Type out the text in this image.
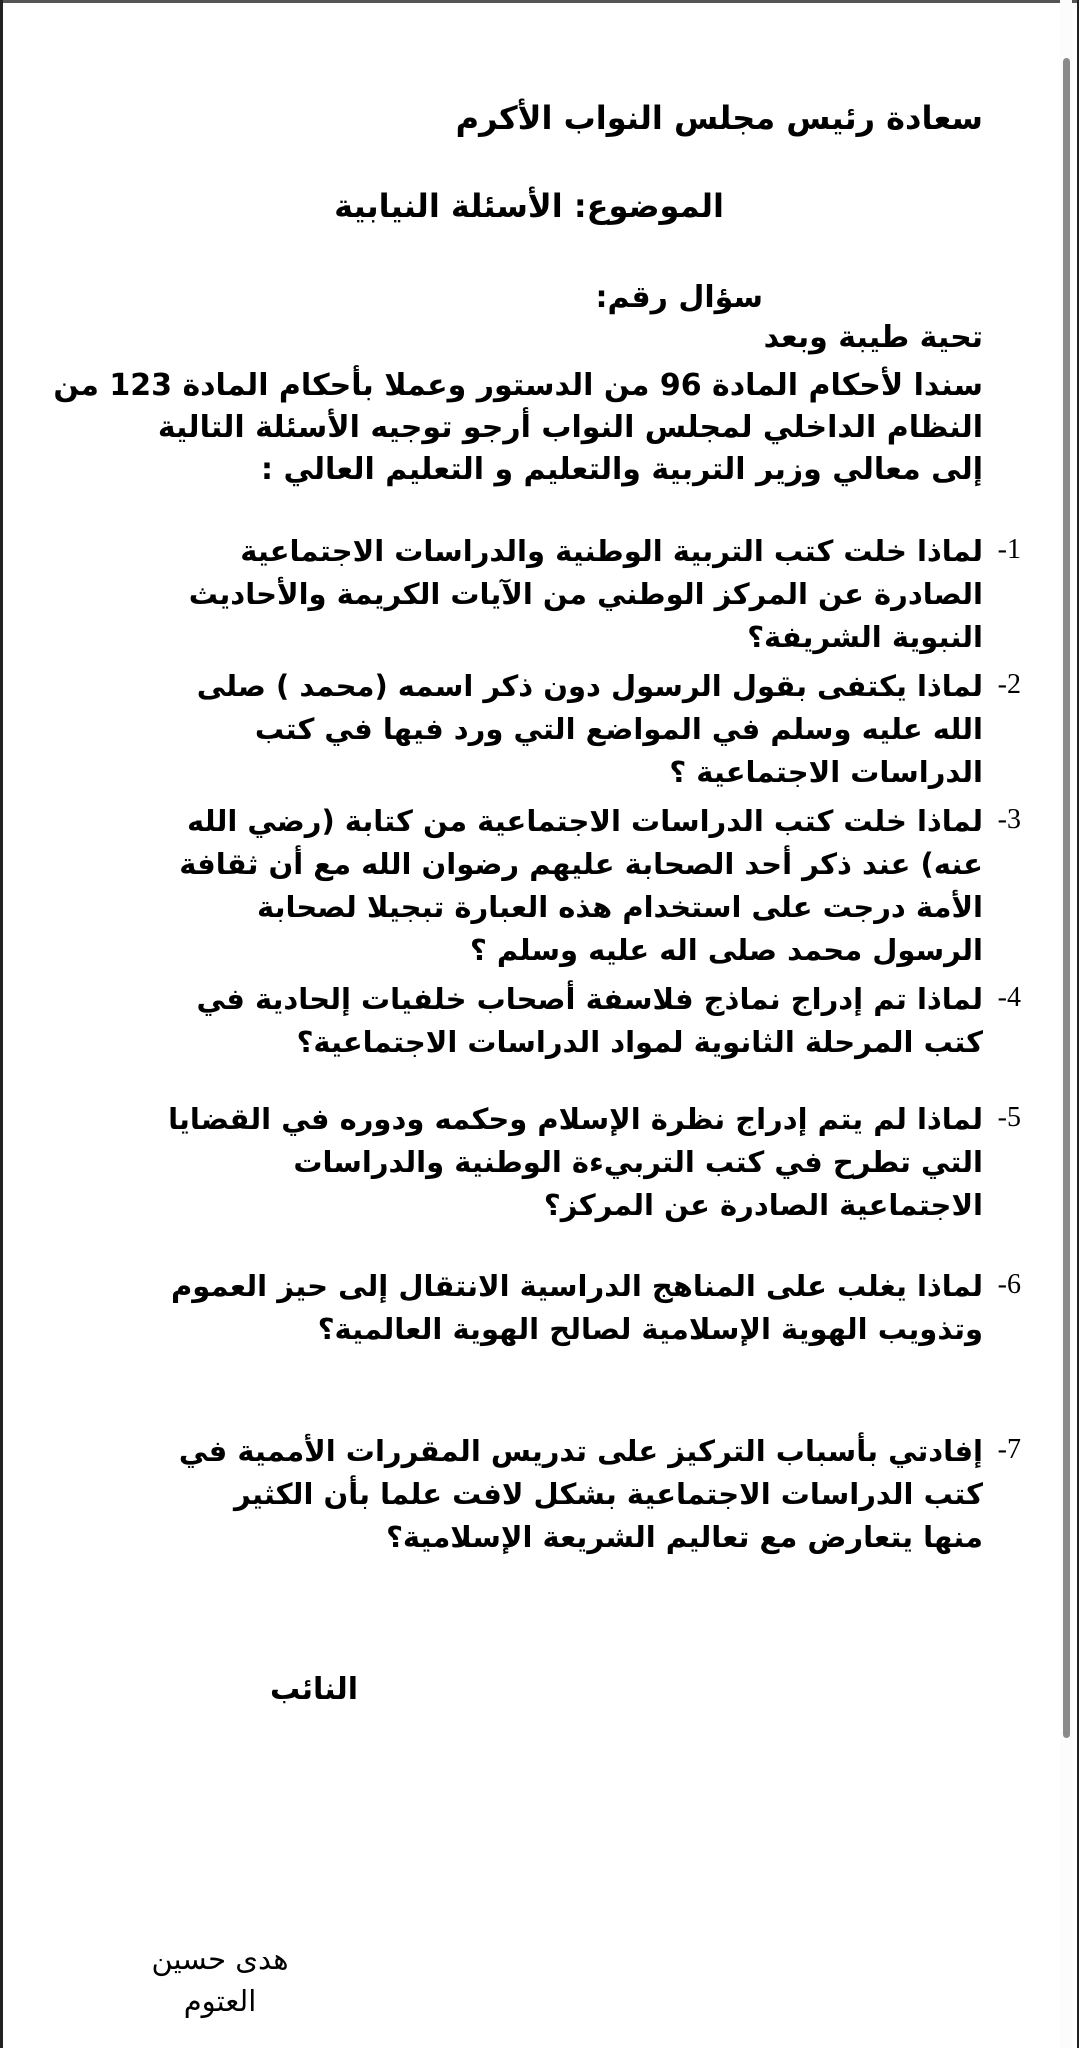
سعادة رئيس مجلس النواب الأكرم
الموضوع: الأسئلة النيابية
سؤال رقم:
تحية طيبة وبعد
سندا لأحكام المادة 96 من الدستور وعملا بأحكام المادة 123 من
النظام الداخلي لمجلس النواب أرجو توجيه الأسئلة التالية
إلى معالي وزير التربية والتعليم و التعليم العالي :
-1
لماذا خلت كتب التربية الوطنية والدراسات الاجتماعية
الصادرة عن المركز الوطني من الآيات الكريمة والأحاديث
النبوية الشريفة؟
-2
لماذا يكتفى بقول الرسول دون ذكر اسمه (محمد ) صلى
الله عليه وسلم في المواضع التي ورد فيها في كتب
الدراسات الاجتماعية ؟
-3
لماذا خلت كتب الدراسات الاجتماعية من كتابة (رضي الله
عنه) عند ذكر أحد الصحابة عليهم رضوان الله مع أن ثقافة
الأمة درجت على استخدام هذه العبارة تبجيلا لصحابة
الرسول محمد صلى اله عليه وسلم ؟
-4
لماذا تم إدراج نماذج فلاسفة أصحاب خلفيات إلحادية في
كتب المرحلة الثانوية لمواد الدراسات الاجتماعية؟
-5
لماذا لم يتم إدراج نظرة الإسلام وحكمه ودوره في القضايا
التي تطرح في كتب التربيءة الوطنية والدراسات
الاجتماعية الصادرة عن المركز؟
-6
لماذا يغلب على المناهج الدراسية الانتقال إلى حيز العموم
وتذويب الهوية الإسلامية لصالح الهوية العالمية؟
-7
إفادتي بأسباب التركيز على تدريس المقررات الأممية في
كتب الدراسات الاجتماعية بشكل لافت علما بأن الكثير
منها يتعارض مع تعاليم الشريعة الإسلامية؟
النائب
هدى حسين
العتوم
